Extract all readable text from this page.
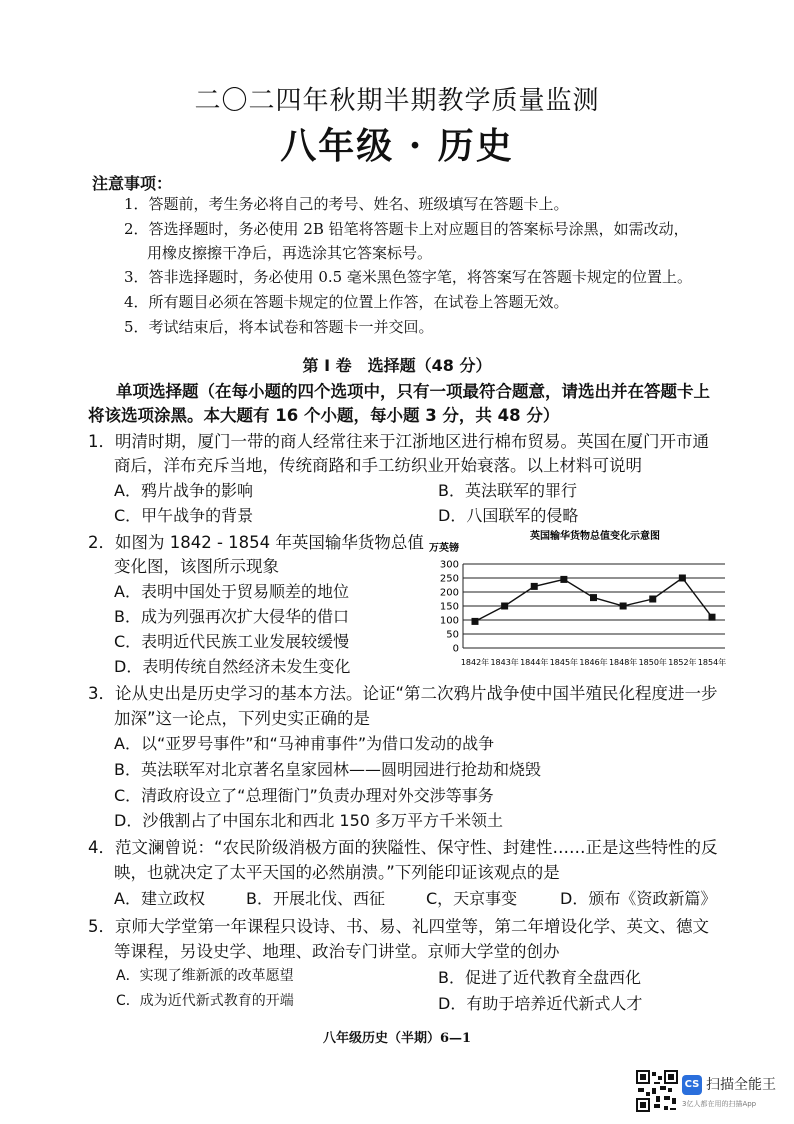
二〇二四年秋期半期教学质量监测
八年级 · 历史
注意事项：
1．答题前，考生务必将自己的考号、姓名、班级填写在答题卡上。
2．答选择题时，务必使用 2B 铅笔将答题卡上对应题目的答案标号涂黑，如需改动，
用橡皮擦擦干净后，再选涂其它答案标号。
3．答非选择题时，务必使用 0.5 毫米黑色签字笔，将答案写在答题卡规定的位置上。
4．所有题目必须在答题卡规定的位置上作答，在试卷上答题无效。
5．考试结束后，将本试卷和答题卡一并交回。
第 Ⅰ 卷　选择题（48 分）
单项选择题（在每小题的四个选项中，只有一项最符合题意，请选出并在答题卡上
将该选项涂黑。本大题有 16 个小题，每小题 3 分，共 48 分）
1．明清时期，厦门一带的商人经常往来于江浙地区进行棉布贸易。英国在厦门开市通
商后，洋布充斥当地，传统商路和手工纺织业开始衰落。以上材料可说明
A．鸦片战争的影响	B．英法联军的罪行
C．甲午战争的背景	D．八国联军的侵略
2．如图为 1842 - 1854 年英国输华货物总值
变化图，该图所示现象
A．表明中国处于贸易顺差的地位
B．成为列强再次扩大侵华的借口
C．表明近代民族工业发展较缓慢
D．表明传统自然经济未发生变化
英国输华货物总值变化示意图
万英镑
300
250
200
150
100
50
0
1842年 1843年 1844年 1845年 1846年 1848年 1850年 1852年 1854年
3．论从史出是历史学习的基本方法。论证“第二次鸦片战争使中国半殖民化程度进一步
加深”这一论点，下列史实正确的是
A．以“亚罗号事件”和“马神甫事件”为借口发动的战争
B．英法联军对北京著名皇家园林——圆明园进行抢劫和烧毁
C．清政府设立了“总理衙门”负责办理对外交涉等事务
D．沙俄割占了中国东北和西北 150 多万平方千米领土
4．范文澜曾说：“农民阶级消极方面的狭隘性、保守性、封建性……正是这些特性的反
映，也就决定了太平天国的必然崩溃。”下列能印证该观点的是
A．建立政权	B．开展北伐、西征	C，天京事变	D．颁布《资政新篇》
5．京师大学堂第一年课程只设诗、书、易、礼四堂等，第二年增设化学、英文、德文
等课程，另设史学、地理、政治专门讲堂。京师大学堂的创办
A．实现了维新派的改革愿望	B．促进了近代教育全盘西化
C．成为近代新式教育的开端	D．有助于培养近代新式人才
八年级历史（半期）6—1
CS 扫描全能王
3亿人都在用的扫描App
